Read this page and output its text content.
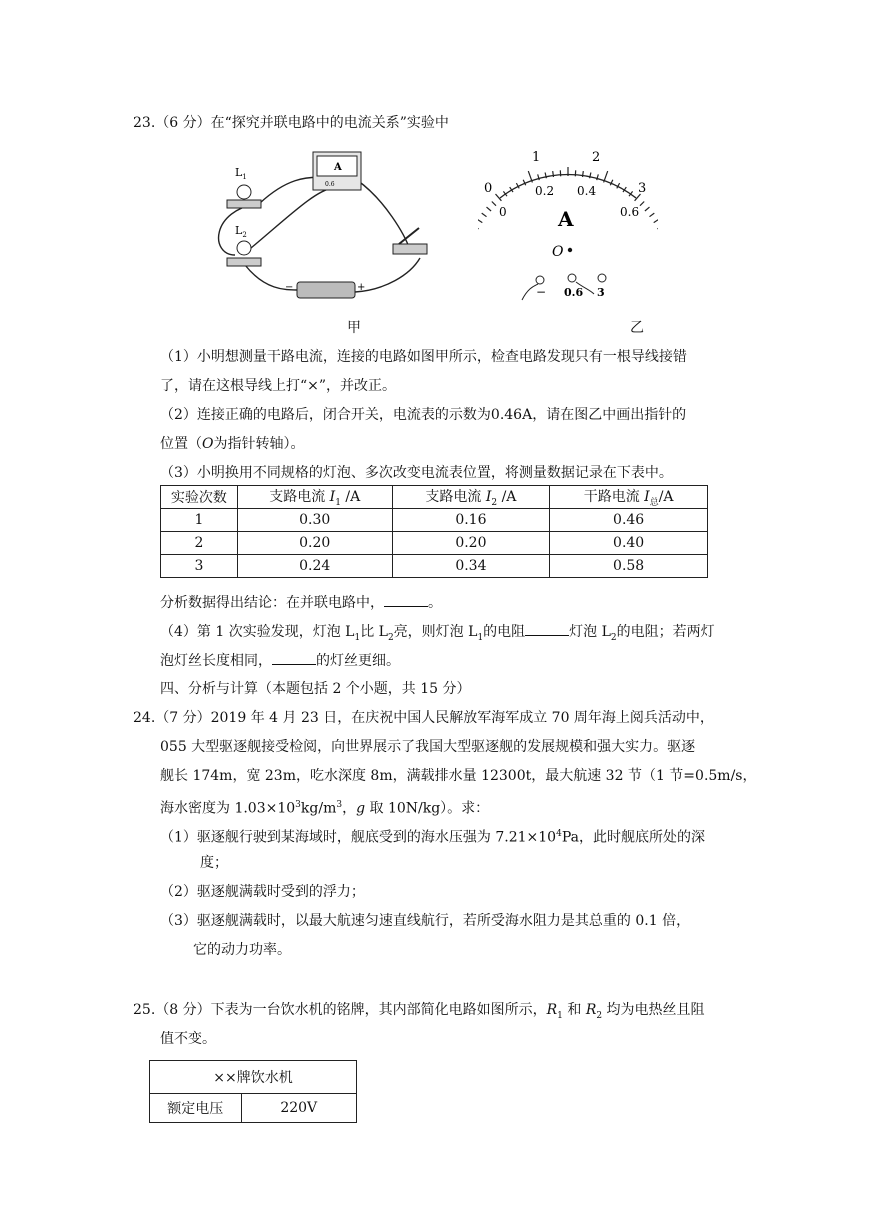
23.（6 分）在“探究并联电路中的电流关系”实验中
$L_1$
$L_2$
A
0.6
−	+
甲
0
1	2
3
0
0.2 0.4
0.6
A
O
− 0.6 3
乙
（1）小明想测量干路电流，连接的电路如图甲所示，检查电路发现只有一根导线接错
了，请在这根导线上打“×”，并改正。
（2）连接正确的电路后，闭合开关，电流表的示数为0.46A，请在图乙中画出指针的
位置（O为指针转轴）。
（3）小明换用不同规格的灯泡、多次改变电流表位置，将测量数据记录在下表中。
实验次数	支路电流 $I_1$ /A	支路电流 $I_2$ /A	干路电流 $I_总/A$
1	0.30	0.16	0.46
2	0.20	0.20	0.40
3	0.24	0.34	0.58
分析数据得出结论：在并联电路中，	。
（4）第 1 次实验发现，灯泡 $L_1$比 $L_2$亮，则灯泡 $L_1$的电阻	灯泡 $L_2$的电阻；若两灯
泡灯丝长度相同，	的灯丝更细。
四、分析与计算（本题包括 2 个小题，共 15 分）
24.（7 分）2019 年 4 月 23 日，在庆祝中国人民解放军海军成立 70 周年海上阅兵活动中，
055 大型驱逐舰接受检阅，向世界展示了我国大型驱逐舰的发展规模和强大实力。驱逐
舰长 174m，宽 23m，吃水深度 8m，满载排水量 12300t，最大航速 32 节（1 节=0.5m/s，
海水密度为 $1.03\times 10^3kg/m^3$，g 取 10N/kg）。求：
（1）驱逐舰行驶到某海域时，舰底受到的海水压强为 $7.21\times 10^4Pa$，此时舰底所处的深
度；
（2）驱逐舰满载时受到的浮力；
（3）驱逐舰满载时，以最大航速匀速直线航行，若所受海水阻力是其总重的 0.1 倍，
它的动力功率。
25.（8 分）下表为一台饮水机的铭牌，其内部简化电路如图所示，$R_1$ 和 $R_2$ 均为电热丝且阻
值不变。
××牌饮水机
额定电压	220V
